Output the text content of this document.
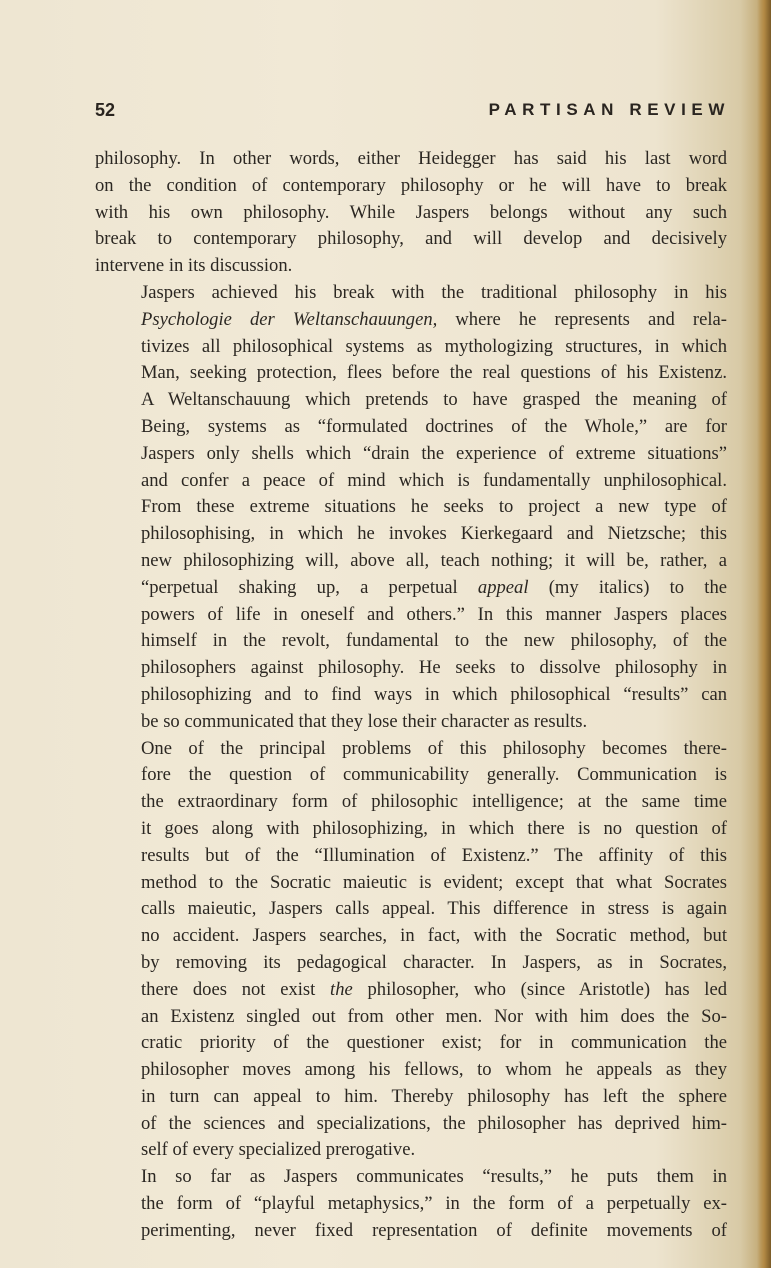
52	PARTISAN REVIEW

philosophy. In other words, either Heidegger has said his last word
on the condition of contemporary philosophy or he will have to break
with his own philosophy. While Jaspers belongs without any such
break to contemporary philosophy, and will develop and decisively
intervene in its discussion.

Jaspers achieved his break with the traditional philosophy in his
Psychologie der Weltanschauungen, where he represents and rela-
tivizes all philosophical systems as mythologizing structures, in which
Man, seeking protection, flees before the real questions of his Existenz.
A Weltanschauung which pretends to have grasped the meaning of
Being, systems as “formulated doctrines of the Whole,” are for
Jaspers only shells which “drain the experience of extreme situations”
and confer a peace of mind which is fundamentally unphilosophical.
From these extreme situations he seeks to project a new type of
philosophising, in which he invokes Kierkegaard and Nietzsche; this
new philosophizing will, above all, teach nothing; it will be, rather, a
“perpetual shaking up, a perpetual appeal (my italics) to the
powers of life in oneself and others.” In this manner Jaspers places
himself in the revolt, fundamental to the new philosophy, of the
philosophers against philosophy. He seeks to dissolve philosophy in
philosophizing and to find ways in which philosophical “results” can
be so communicated that they lose their character as results.

One of the principal problems of this philosophy becomes there-
fore the question of communicability generally. Communication is
the extraordinary form of philosophic intelligence; at the same time
it goes along with philosophizing, in which there is no question of
results but of the “Illumination of Existenz.” The affinity of this
method to the Socratic maieutic is evident; except that what Socrates
calls maieutic, Jaspers calls appeal. This difference in stress is again
no accident. Jaspers searches, in fact, with the Socratic method, but
by removing its pedagogical character. In Jaspers, as in Socrates,
there does not exist the philosopher, who (since Aristotle) has led
an Existenz singled out from other men. Nor with him does the So-
cratic priority of the questioner exist; for in communication the
philosopher moves among his fellows, to whom he appeals as they
in turn can appeal to him. Thereby philosophy has left the sphere
of the sciences and specializations, the philosopher has deprived him-
self of every specialized prerogative.

In so far as Jaspers communicates “results,” he puts them in
the form of “playful metaphysics,” in the form of a perpetually ex-
perimenting, never fixed representation of definite movements of
